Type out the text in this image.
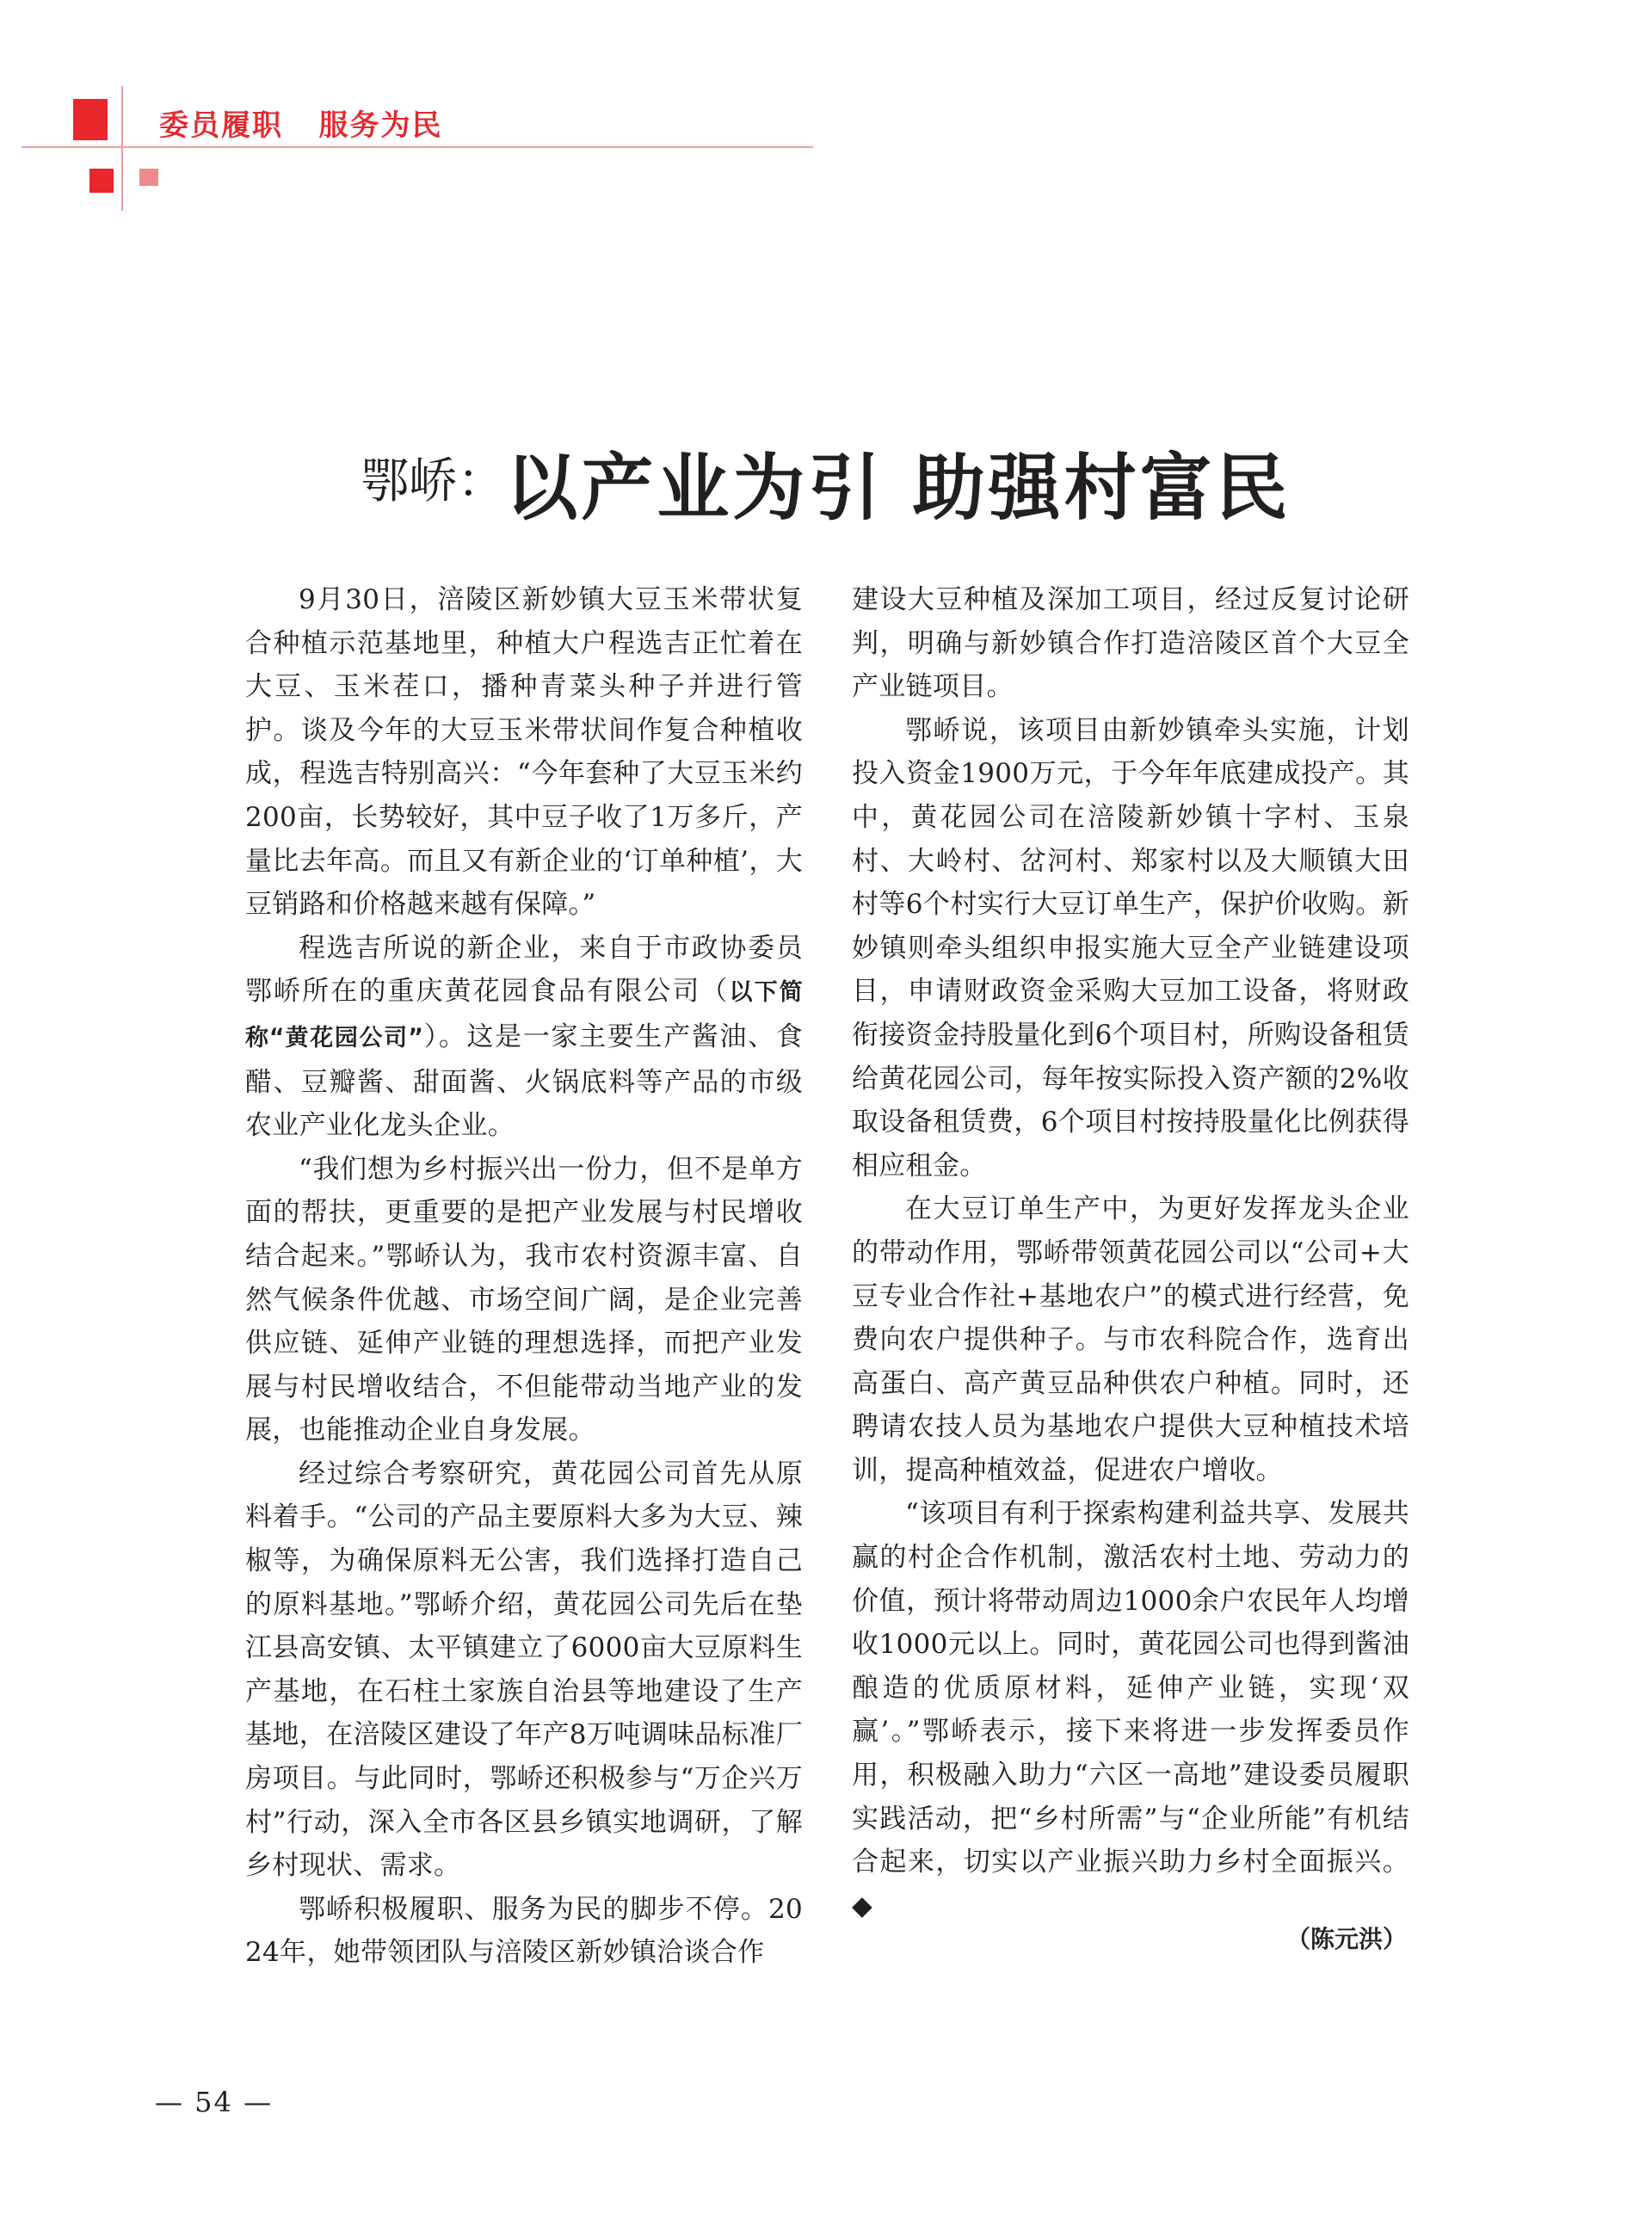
委员履职   服务为民
鄂峤：以产业为引 助强村富民

9月30日，涪陵区新妙镇大豆玉米带状复合种植示范基地里，种植大户程选吉正忙着在大豆、玉米茬口，播种青菜头种子并进行管护。谈及今年的大豆玉米带状间作复合种植收成，程选吉特别高兴：“今年套种了大豆玉米约200亩，长势较好，其中豆子收了1万多斤，产量比去年高。而且又有新企业的‘订单种植’，大豆销路和价格越来越有保障。”

程选吉所说的新企业，来自于市政协委员鄂峤所在的重庆黄花园食品有限公司（以下简称“黄花园公司”）。这是一家主要生产酱油、食醋、豆瓣酱、甜面酱、火锅底料等产品的市级农业产业化龙头企业。

“我们想为乡村振兴出一份力，但不是单方面的帮扶，更重要的是把产业发展与村民增收结合起来。”鄂峤认为，我市农村资源丰富、自然气候条件优越、市场空间广阔，是企业完善供应链、延伸产业链的理想选择，而把产业发展与村民增收结合，不但能带动当地产业的发展，也能推动企业自身发展。

经过综合考察研究，黄花园公司首先从原料着手。“公司的产品主要原料大多为大豆、辣椒等，为确保原料无公害，我们选择打造自己的原料基地。”鄂峤介绍，黄花园公司先后在垫江县高安镇、太平镇建立了6000亩大豆原料生产基地，在石柱土家族自治县等地建设了生产基地，在涪陵区建设了年产8万吨调味品标准厂房项目。与此同时，鄂峤还积极参与“万企兴万村”行动，深入全市各区县乡镇实地调研，了解乡村现状、需求。

鄂峤积极履职、服务为民的脚步不停。2024年，她带领团队与涪陵区新妙镇洽谈合作

建设大豆种植及深加工项目，经过反复讨论研判，明确与新妙镇合作打造涪陵区首个大豆全产业链项目。

鄂峤说，该项目由新妙镇牵头实施，计划投入资金1900万元，于今年年底建成投产。其中，黄花园公司在涪陵新妙镇十字村、玉泉村、大岭村、岔河村、郑家村以及大顺镇大田村等6个村实行大豆订单生产，保护价收购。新妙镇则牵头组织申报实施大豆全产业链建设项目，申请财政资金采购大豆加工设备，将财政衔接资金持股量化到6个项目村，所购设备租赁给黄花园公司，每年按实际投入资产额的2%收取设备租赁费，6个项目村按持股量化比例获得相应租金。

在大豆订单生产中，为更好发挥龙头企业的带动作用，鄂峤带领黄花园公司以“公司+大豆专业合作社+基地农户”的模式进行经营，免费向农户提供种子。与市农科院合作，选育出高蛋白、高产黄豆品种供农户种植。同时，还聘请农技人员为基地农户提供大豆种植技术培训，提高种植效益，促进农户增收。

“该项目有利于探索构建利益共享、发展共赢的村企合作机制，激活农村土地、劳动力的价值，预计将带动周边1000余户农民年人均增收1000元以上。同时，黄花园公司也得到酱油酿造的优质原材料，延伸产业链，实现‘双赢’。”鄂峤表示，接下来将进一步发挥委员作用，积极融入助力“六区一高地”建设委员履职实践活动，把“乡村所需”与“企业所能”有机结合起来，切实以产业振兴助力乡村全面振兴。◆

（陈元洪）
— 54 —
